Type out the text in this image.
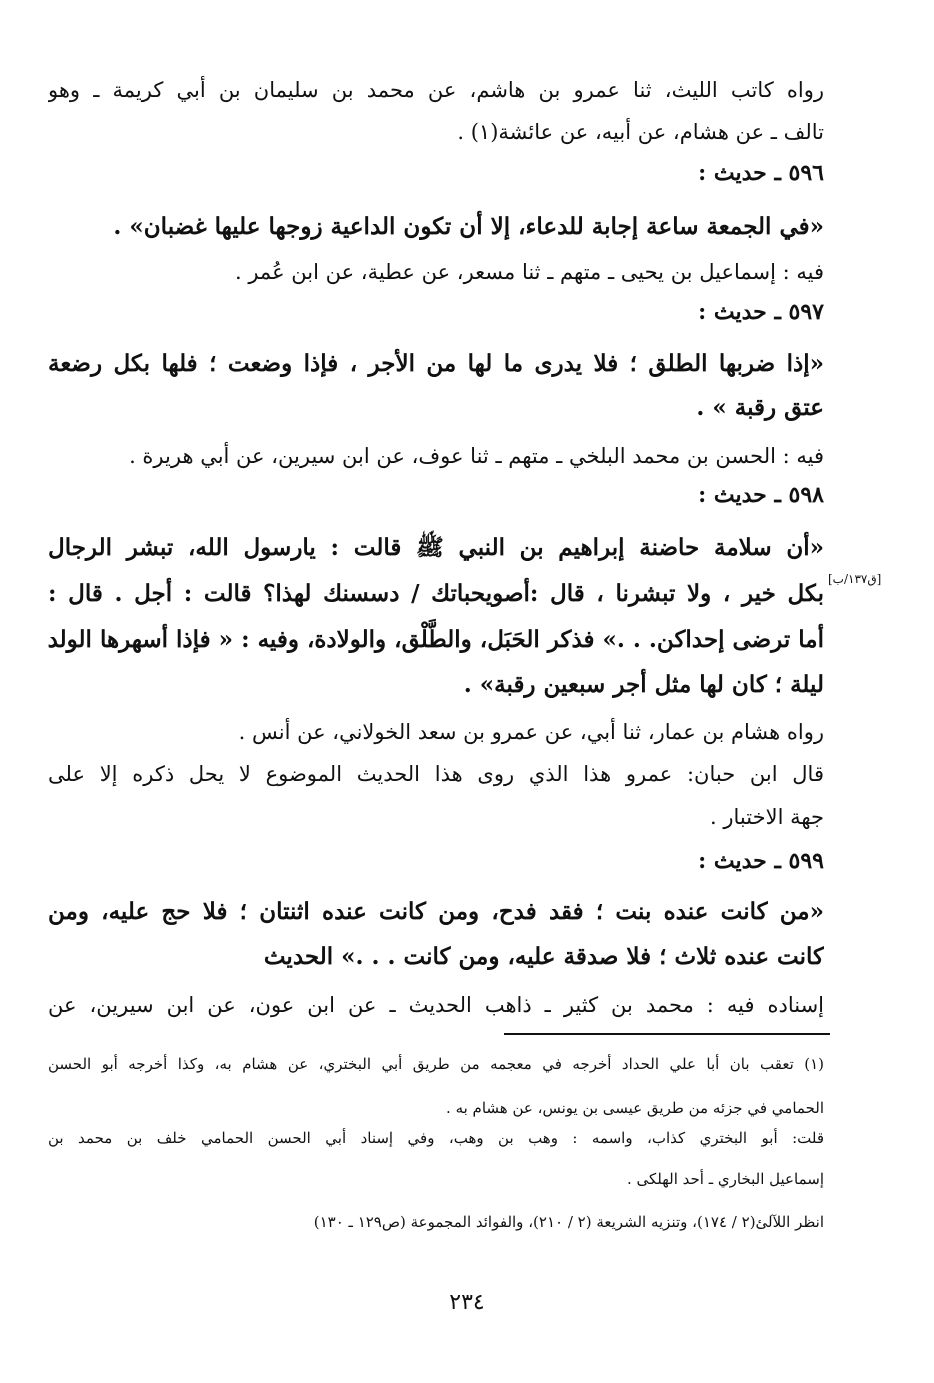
رواه كاتب الليث، ثنا عمرو بن هاشم، عن محمد بن سليمان بن أبي كريمة ـ وهو
تالف ـ عن هشام، عن أبيه، عن عائشة(١) .
٥٩٦ ـ حديث :
«في الجمعة ساعة إجابة للدعاء، إلا أن تكون الداعية زوجها عليها غضبان» .
فيه : إسماعيل بن يحيى ـ متهم ـ ثنا مسعر، عن عطية، عن ابن عُمر .
٥٩٧ ـ حديث :
«إذا ضربها الطلق ؛ فلا يدرى ما لها من الأجر ، فإذا وضعت ؛ فلها بكل رضعة
عتق رقبة » .
فيه : الحسن بن محمد البلخي ـ متهم ـ ثنا عوف، عن ابن سيرين، عن أبي هريرة .
٥٩٨ ـ حديث :
«أن سلامة حاضنة إبراهيم بن النبي ﷺ قالت : يارسول الله، تبشر الرجال
[ق١٣٧/ب]
بكل خير ، ولا تبشرنا ، قال :أصويحباتك / دسسنك لهذا؟ قالت : أجل . قال :
أما ترضى إحداكن. . .» فذكر الحَبَل، والطَّلْق، والولادة، وفيه : « فإذا أسهرها الولد
ليلة ؛ كان لها مثل أجر سبعين رقبة» .
رواه هشام بن عمار، ثنا أبي، عن عمرو بن سعد الخولاني، عن أنس .
قال ابن حبان: عمرو هذا الذي روى هذا الحديث الموضوع لا يحل ذكره إلا على
جهة الاختبار .
٥٩٩ ـ حديث :
«من كانت عنده بنت ؛ فقد فدح، ومن كانت عنده اثنتان ؛ فلا حج عليه، ومن
كانت عنده ثلاث ؛ فلا صدقة عليه، ومن كانت . . .» الحديث
إسناده فيه : محمد بن كثير ـ ذاهب الحديث ـ عن ابن عون، عن ابن سيرين، عن
(١) تعقب بان أبا علي الحداد أخرجه في معجمه من طريق أبي البختري، عن هشام به، وكذا أخرجه أبو الحسن
الحمامي في جزئه من طريق عيسى بن يونس، عن هشام به .
قلت: أبو البختري كذاب، واسمه : وهب بن وهب، وفي إسناد أبي الحسن الحمامي خلف بن محمد بن
إسماعيل البخاري ـ أحد الهلكى .
انظر اللآلئ(٢ / ١٧٤)، وتنزيه الشريعة (٢ / ٢١٠)، والفوائد المجموعة (ص١٢٩ ـ ١٣٠)
٢٣٤
